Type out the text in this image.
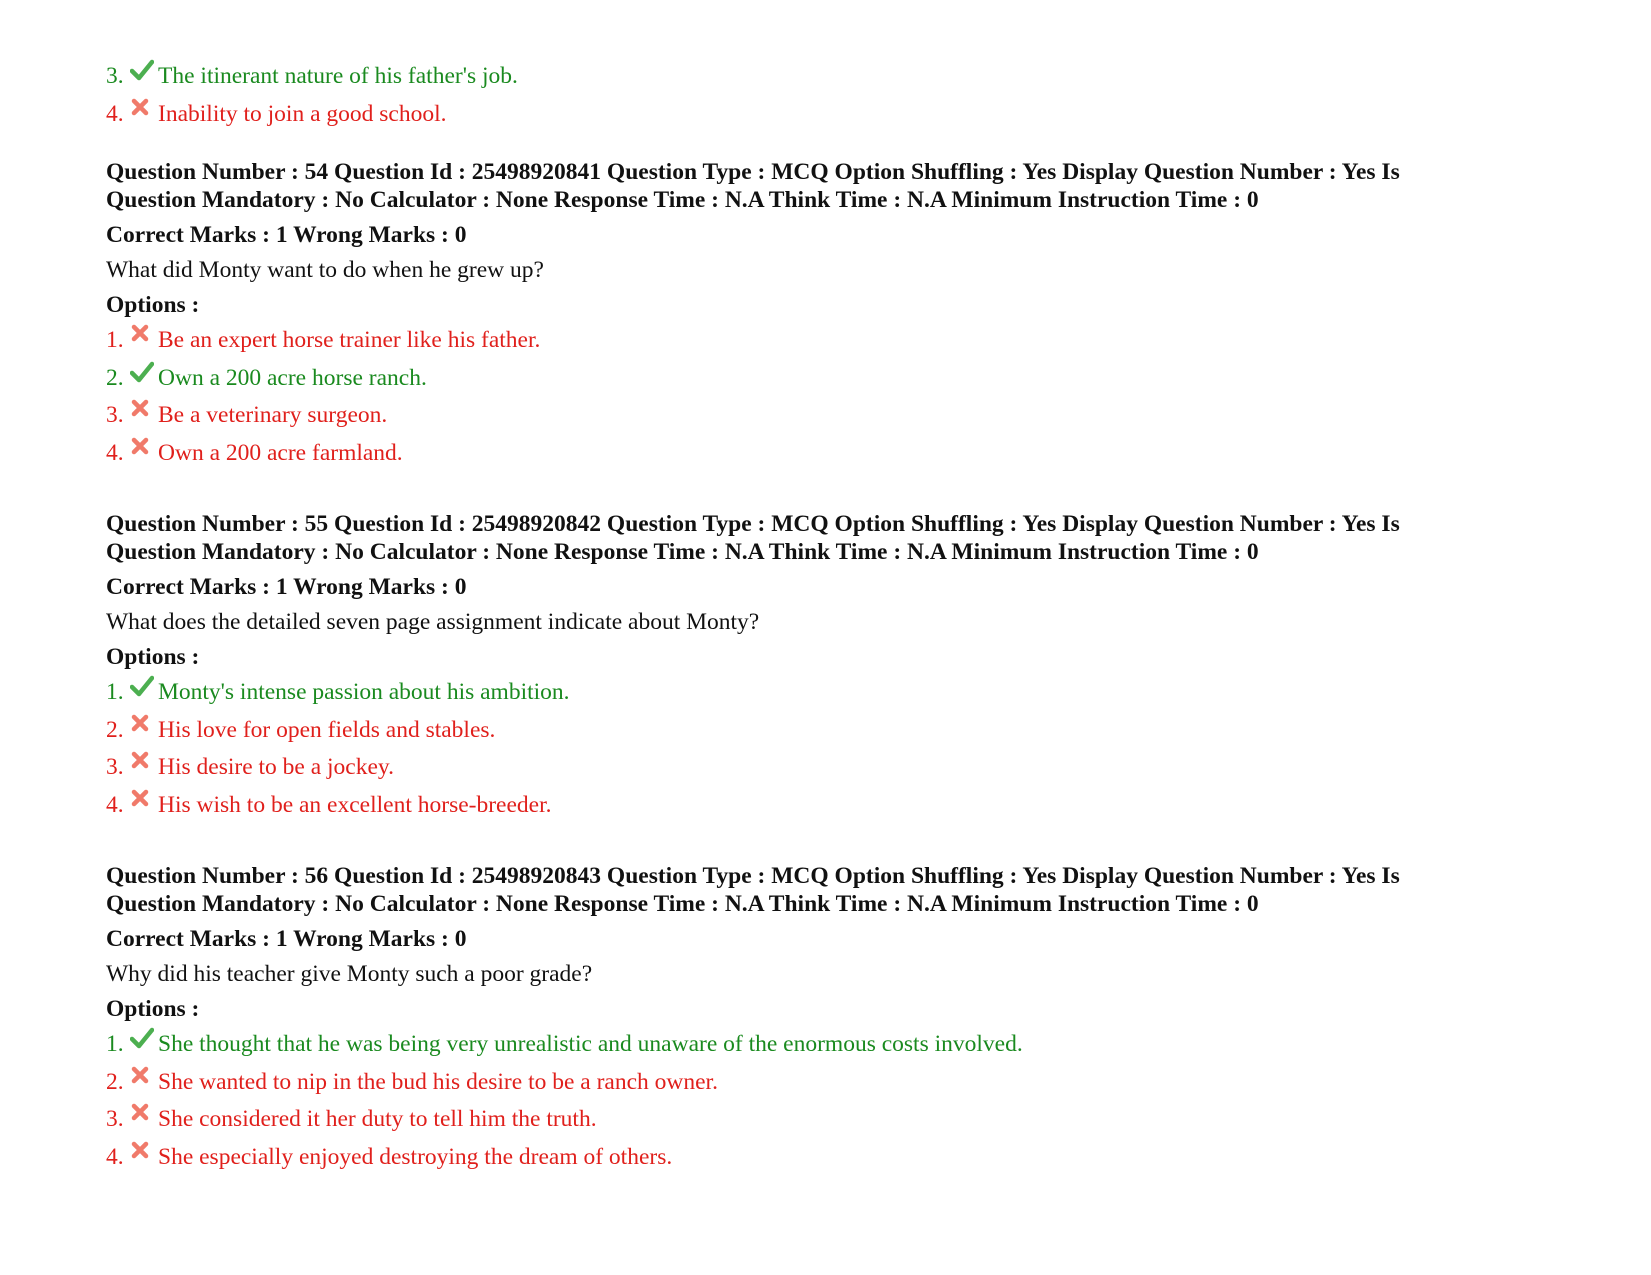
3. The itinerant nature of his father's job.
4. Inability to join a good school.
Question Number : 54 Question Id : 25498920841 Question Type : MCQ Option Shuffling : Yes Display Question Number : Yes Is
Question Mandatory : No Calculator : None Response Time : N.A Think Time : N.A Minimum Instruction Time : 0
Correct Marks : 1 Wrong Marks : 0
What did Monty want to do when he grew up?
Options :
1. Be an expert horse trainer like his father.
2. Own a 200 acre horse ranch.
3. Be a veterinary surgeon.
4. Own a 200 acre farmland.
Question Number : 55 Question Id : 25498920842 Question Type : MCQ Option Shuffling : Yes Display Question Number : Yes Is
Question Mandatory : No Calculator : None Response Time : N.A Think Time : N.A Minimum Instruction Time : 0
Correct Marks : 1 Wrong Marks : 0
What does the detailed seven page assignment indicate about Monty?
Options :
1. Monty's intense passion about his ambition.
2. His love for open fields and stables.
3. His desire to be a jockey.
4. His wish to be an excellent horse-breeder.
Question Number : 56 Question Id : 25498920843 Question Type : MCQ Option Shuffling : Yes Display Question Number : Yes Is
Question Mandatory : No Calculator : None Response Time : N.A Think Time : N.A Minimum Instruction Time : 0
Correct Marks : 1 Wrong Marks : 0
Why did his teacher give Monty such a poor grade?
Options :
1. She thought that he was being very unrealistic and unaware of the enormous costs involved.
2. She wanted to nip in the bud his desire to be a ranch owner.
3. She considered it her duty to tell him the truth.
4. She especially enjoyed destroying the dream of others.
